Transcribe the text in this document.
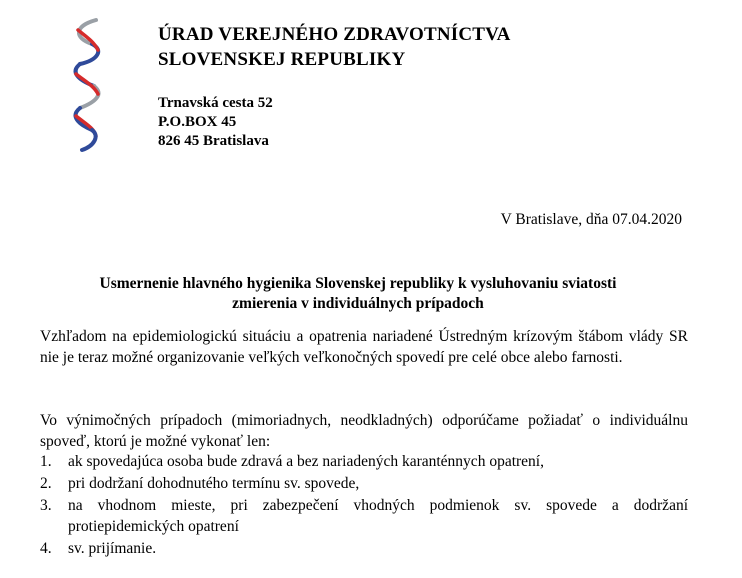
ÚRAD VEREJNÉHO ZDRAVOTNÍCTVA
SLOVENSKEJ REPUBLIKY
Trnavská cesta 52
P.O.BOX 45
826 45 Bratislava
V Bratislave, dňa 07.04.2020
Usmernenie hlavného hygienika Slovenskej republiky k vysluhovaniu sviatosti
zmierenia v individuálnych prípadoch
Vzhľadom na epidemiologickú situáciu a opatrenia nariadené Ústredným krízovým štábom vlády SR nie je teraz možné organizovanie veľkých veľkonočných spovedí pre celé obce alebo farnosti.
Vo výnimočných prípadoch (mimoriadnych, neodkladných) odporúčame požiadať o individuálnu spoveď, ktorú je možné vykonať len:
1. ak spovedajúca osoba bude zdravá a bez nariadených karanténnych opatrení,
2. pri dodržaní dohodnutého termínu sv. spovede,
3. na vhodnom mieste, pri zabezpečení vhodných podmienok sv. spovede a dodržaní protiepidemických opatrení
4. sv. prijímanie.
